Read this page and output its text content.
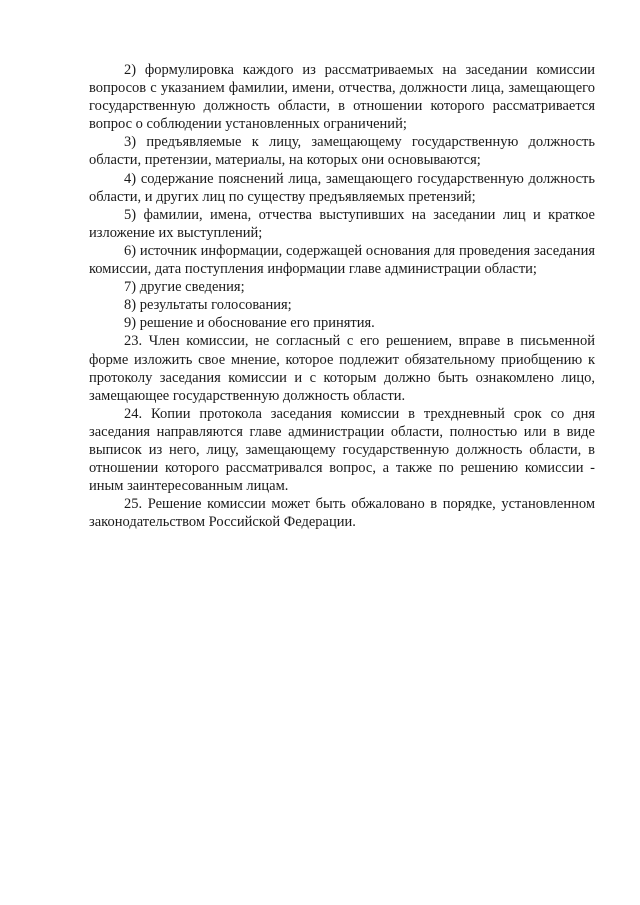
2) формулировка каждого из рассматриваемых на заседании комиссии вопросов с указанием фамилии, имени, отчества, должности лица, замещающего государственную должность области, в отношении которого рассматривается вопрос о соблюдении установленных ограничений;

3) предъявляемые к лицу, замещающему государственную должность области, претензии, материалы, на которых они основываются;

4) содержание пояснений лица, замещающего государственную должность области, и других лиц по существу предъявляемых претензий;

5) фамилии, имена, отчества выступивших на заседании лиц и краткое изложение их выступлений;

6) источник информации, содержащей основания для проведения заседания комиссии, дата поступления информации главе администрации области;

7) другие сведения;

8) результаты голосования;

9) решение и обоснование его принятия.

23. Член комиссии, не согласный с его решением, вправе в письменной форме изложить свое мнение, которое подлежит обязательному приобщению к протоколу заседания комиссии и с которым должно быть ознакомлено лицо, замещающее государственную должность области.

24. Копии протокола заседания комиссии в трехдневный срок со дня заседания направляются главе администрации области, полностью или в виде выписок из него, лицу, замещающему государственную должность области, в отношении которого рассматривался вопрос, а также по решению комиссии - иным заинтересованным лицам.

25. Решение комиссии может быть обжаловано в порядке, установленном законодательством Российской Федерации.
